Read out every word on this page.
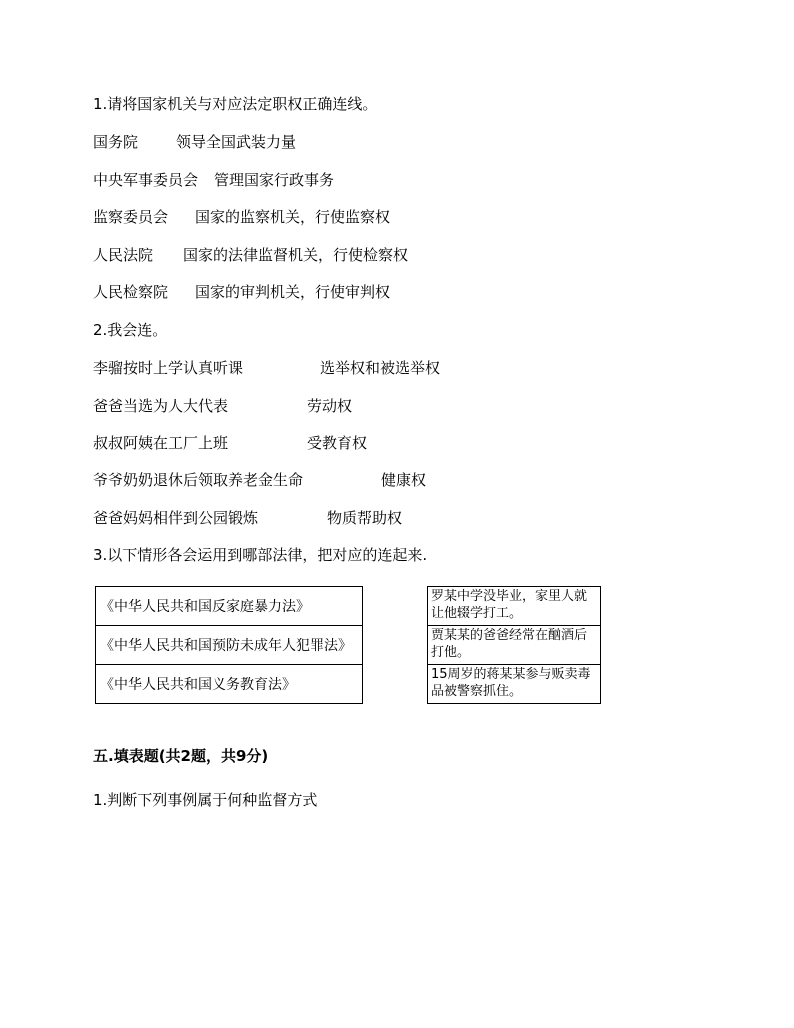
1.请将国家机关与对应法定职权正确连线。
国务院	领导全国武装力量
中央军事委员会 管理国家行政事务
监察委员会 国家的监察机关，行使监察权
人民法院 国家的法律监督机关，行使检察权
人民检察院 国家的审判机关，行使审判权
2.我会连。
李骝按时上学认真听课	选举权和被选举权
爸爸当选为人大代表	劳动权
叔叔阿姨在工厂上班	受教育权
爷爷奶奶退休后领取养老金生命	健康权
爸爸妈妈相伴到公园锻炼	物质帮助权
3.以下情形各会运用到哪部法律，把对应的连起来.
《中华人民共和国反家庭暴力法》
《中华人民共和国预防未成年人犯罪法》
《中华人民共和国义务教育法》
罗某中学没毕业，家里人就让他辍学打工。
贾某某的爸爸经常在酗酒后打他。
15周岁的蒋某某参与贩卖毒品被警察抓住。
五.填表题(共2题，共9分)
1.判断下列事例属于何种监督方式
